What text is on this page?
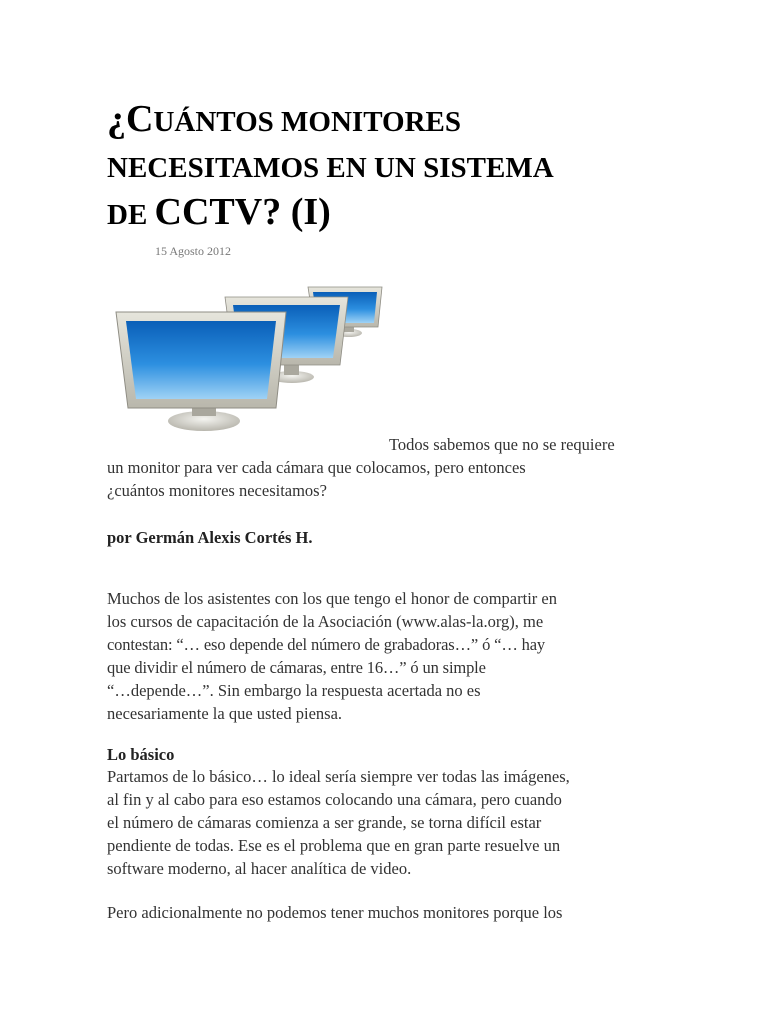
¿CUÁNTOS MONITORES
NECESITAMOS EN UN SISTEMA
DE CCTV? (I)
15 Agosto 2012

Todos sabemos que no se requiere
un monitor para ver cada cámara que colocamos, pero entonces
¿cuántos monitores necesitamos?

por Germán Alexis Cortés H.

Muchos de los asistentes con los que tengo el honor de compartir en
los cursos de capacitación de la Asociación (www.alas-la.org), me
contestan: “… eso depende del número de grabadoras…” ó “… hay
que dividir el número de cámaras, entre 16…” ó un simple
“…depende…”. Sin embargo la respuesta acertada no es
necesariamente la que usted piensa.

Lo básico

Partamos de lo básico… lo ideal sería siempre ver todas las imágenes,
al fin y al cabo para eso estamos colocando una cámara, pero cuando
el número de cámaras comienza a ser grande, se torna difícil estar
pendiente de todas. Ese es el problema que en gran parte resuelve un
software moderno, al hacer analítica de video.

Pero adicionalmente no podemos tener muchos monitores porque los
